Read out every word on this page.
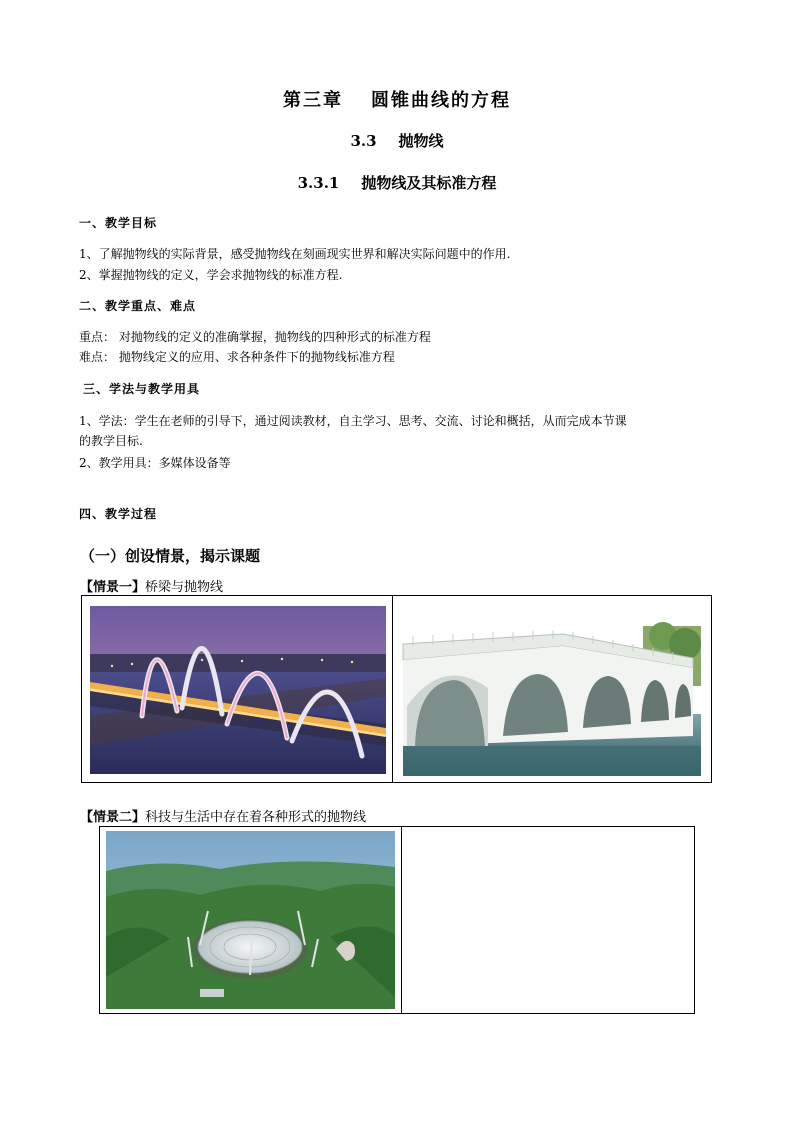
第三章 圆锥曲线的方程
3.3 抛物线
3.3.1 抛物线及其标准方程
一、教学目标
1、了解抛物线的实际背景，感受抛物线在刻画现实世界和解决实际问题中的作用.
2、掌握抛物线的定义，学会求抛物线的标准方程.
二、教学重点、难点
重点： 对抛物线的定义的准确掌握，抛物线的四种形式的标准方程
难点： 抛物线定义的应用、求各种条件下的抛物线标准方程
三、学法与教学用具
1、学法：学生在老师的引导下，通过阅读教材，自主学习、思考、交流、讨论和概括，从而完成本节课
的教学目标.
2、教学用具：多媒体设备等
四、教学过程
（一）创设情景，揭示课题
【情景一】桥梁与抛物线

【情景二】科技与生活中存在着各种形式的抛物线
